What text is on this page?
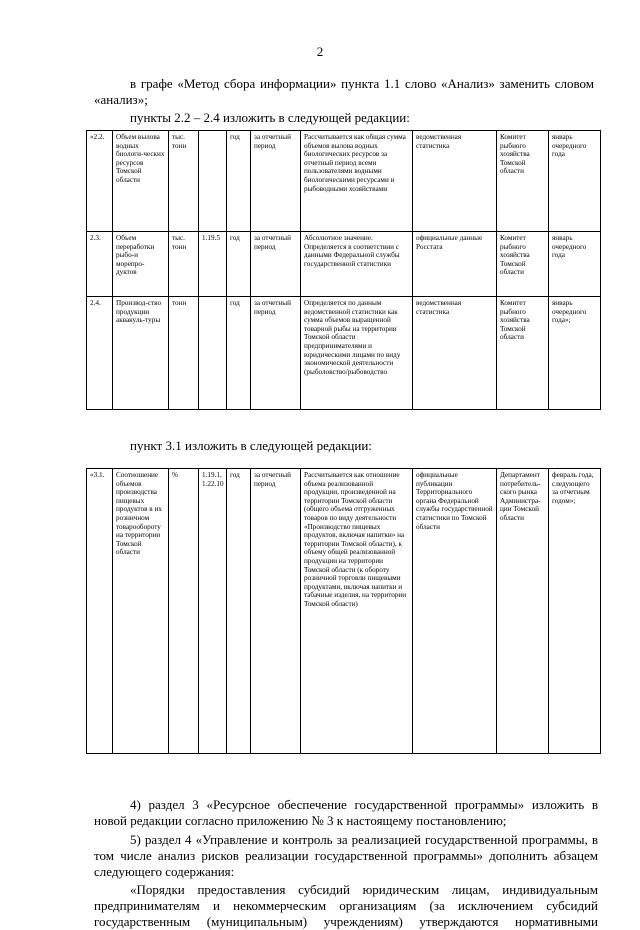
2
в графе «Метод сбора информации» пункта 1.1 слово «Анализ» заменить словом «анализ»;
пункты 2.2 – 2.4 изложить в следующей редакции:
«2.2.	Объем вылова водных биологи-ческих ресурсов Томской области	тыс. тонн		год	за отчетный период	Рассчитывается как общая сумма объемов вылова водных биологических ресурсов за отчетный период всеми пользователями водными биологическими ресурсами и рыбоводными хозяйствами	ведомственная статистика	Комитет рыбного хозяйства Томской области	январь очередного года
2.3.	Объем переработки рыбо-и морепро-дуктов	тыс. тонн	1.19.5	год	за отчетный период	Абсолютное значение. Определяется в соответствии с данными Федеральной службы государственной статистики	официальные данные Росстата	Комитет рыбного хозяйства Томской области	январь очередного года
2.4.	Производ-ство продукции аквакуль-туры	тонн		год	за отчетный период	Определяется по данным ведомственной статистики как сумма объемов выращенной товарной рыбы на территории Томской области предпринимателями и юридическими лицами по виду экономической деятельности (рыболовство/рыбоводство	ведомственная статистика	Комитет рыбного хозяйства Томской области	январь очередного года»;
пункт 3.1 изложить в следующей редакции:
«3.1.	Соотношение объемов производства пищевых продуктов в их розничном товарообороту на территории Томской области	%	1.19.1, 1.22.10	год	за отчетный период	Рассчитывается как отношение объема реализованной продукции, произведенной на территории Томской области (общего объема отгруженных товаров по виду деятельности «Производство пищевых продуктов, включая напитки» на территории Томской области), к объему общей реализованной продукции на территории Томской области (к обороту розничной торговли пищевыми продуктами, включая напитки и табачные изделия, на территории Томской области)	официальные публикации Территориального органа Федеральной службы государственной статистики по Томской области	Департамент потребитель-ского рынка Администра-ции Томской области	февраль года, следующего за отчетным годом»;
4) раздел 3 «Ресурсное обеспечение государственной программы» изложить в новой редакции согласно приложению № 3 к настоящему постановлению;
5) раздел 4 «Управление и контроль за реализацией государственной программы, в том числе анализ рисков реализации государственной программы» дополнить абзацем следующего содержания:
«Порядки предоставления субсидий юридическим лицам, индивидуальным предпринимателям и некоммерческим организациям (за исключением субсидий государственным (муниципальным) учреждениям) утверждаются нормативными
